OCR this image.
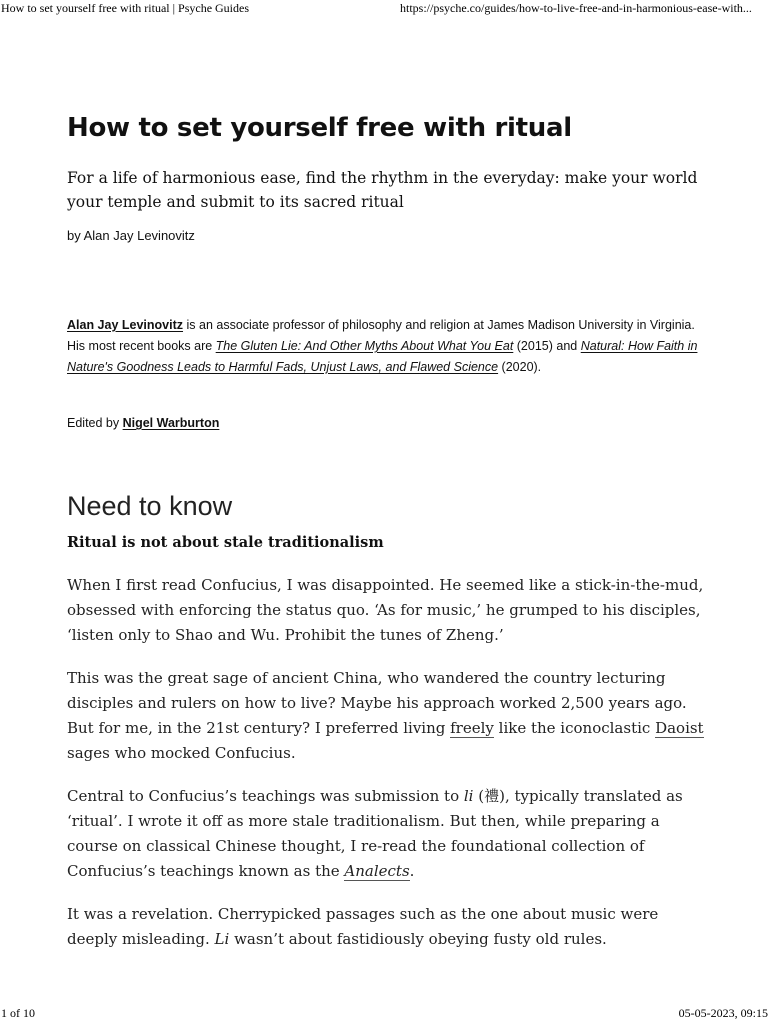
How to set yourself free with ritual | Psyche Guides	https://psyche.co/guides/how-to-live-free-and-in-harmonious-ease-with...
How to set yourself free with ritual

For a life of harmonious ease, find the rhythm in the everyday: make your world your temple and submit to its sacred ritual

by Alan Jay Levinovitz

Alan Jay Levinovitz is an associate professor of philosophy and religion at James Madison University in Virginia. His most recent books are The Gluten Lie: And Other Myths About What You Eat (2015) and Natural: How Faith in Nature's Goodness Leads to Harmful Fads, Unjust Laws, and Flawed Science (2020).

Edited by Nigel Warburton

Need to know
Ritual is not about stale traditionalism

When I first read Confucius, I was disappointed. He seemed like a stick-in-the-mud, obsessed with enforcing the status quo. ‘As for music,’ he grumped to his disciples, ‘listen only to Shao and Wu. Prohibit the tunes of Zheng.’

This was the great sage of ancient China, who wandered the country lecturing disciples and rulers on how to live? Maybe his approach worked 2,500 years ago. But for me, in the 21st century? I preferred living freely like the iconoclastic Daoist sages who mocked Confucius.

Central to Confucius’s teachings was submission to li (禮), typically translated as ‘ritual’. I wrote it off as more stale traditionalism. But then, while preparing a course on classical Chinese thought, I re-read the foundational collection of Confucius’s teachings known as the Analects.

It was a revelation. Cherrypicked passages such as the one about music were deeply misleading. Li wasn’t about fastidiously obeying fusty old rules.

1 of 10	05-05-2023, 09:15
